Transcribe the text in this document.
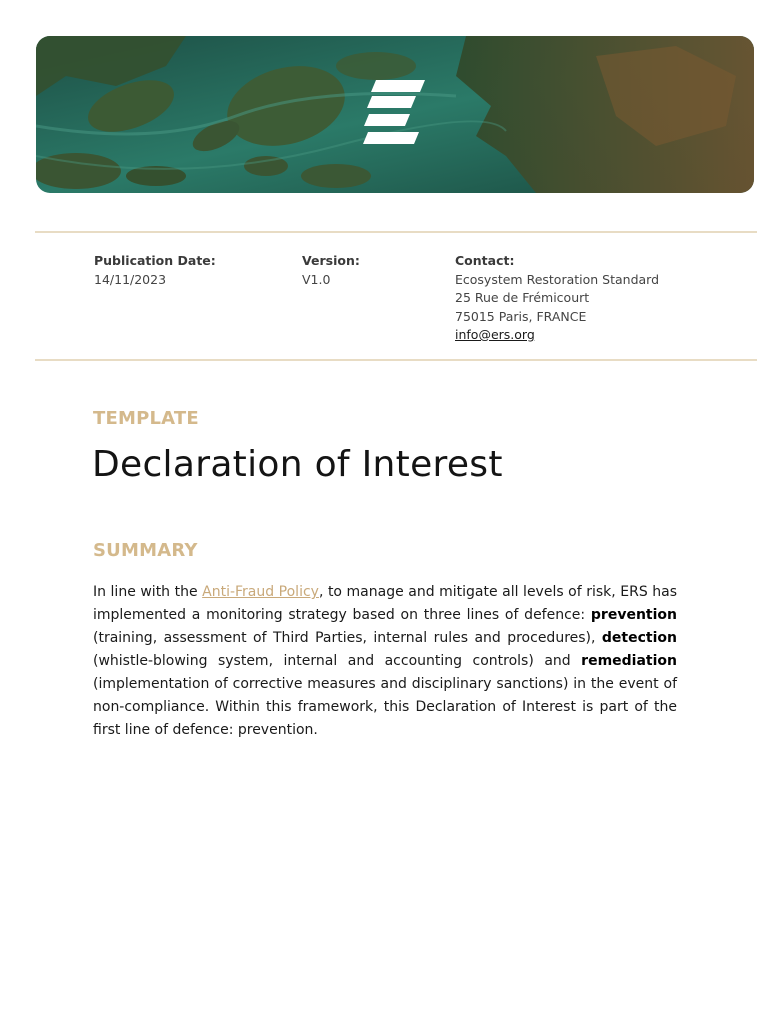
Publication Date:
14/11/2023
Version:
V1.0
Contact:
Ecosystem Restoration Standard
25 Rue de Frémicourt
75015 Paris, FRANCE
info@ers.org
TEMPLATE
Declaration of Interest
SUMMARY
In line with the Anti-Fraud Policy, to manage and mitigate all levels of risk, ERS has implemented a monitoring strategy based on three lines of defence: prevention (training, assessment of Third Parties, internal rules and procedures), detection (whistle-blowing system, internal and accounting controls) and remediation (implementation of corrective measures and disciplinary sanctions) in the event of non-compliance. Within this framework, this Declaration of Interest is part of the first line of defence: prevention.
